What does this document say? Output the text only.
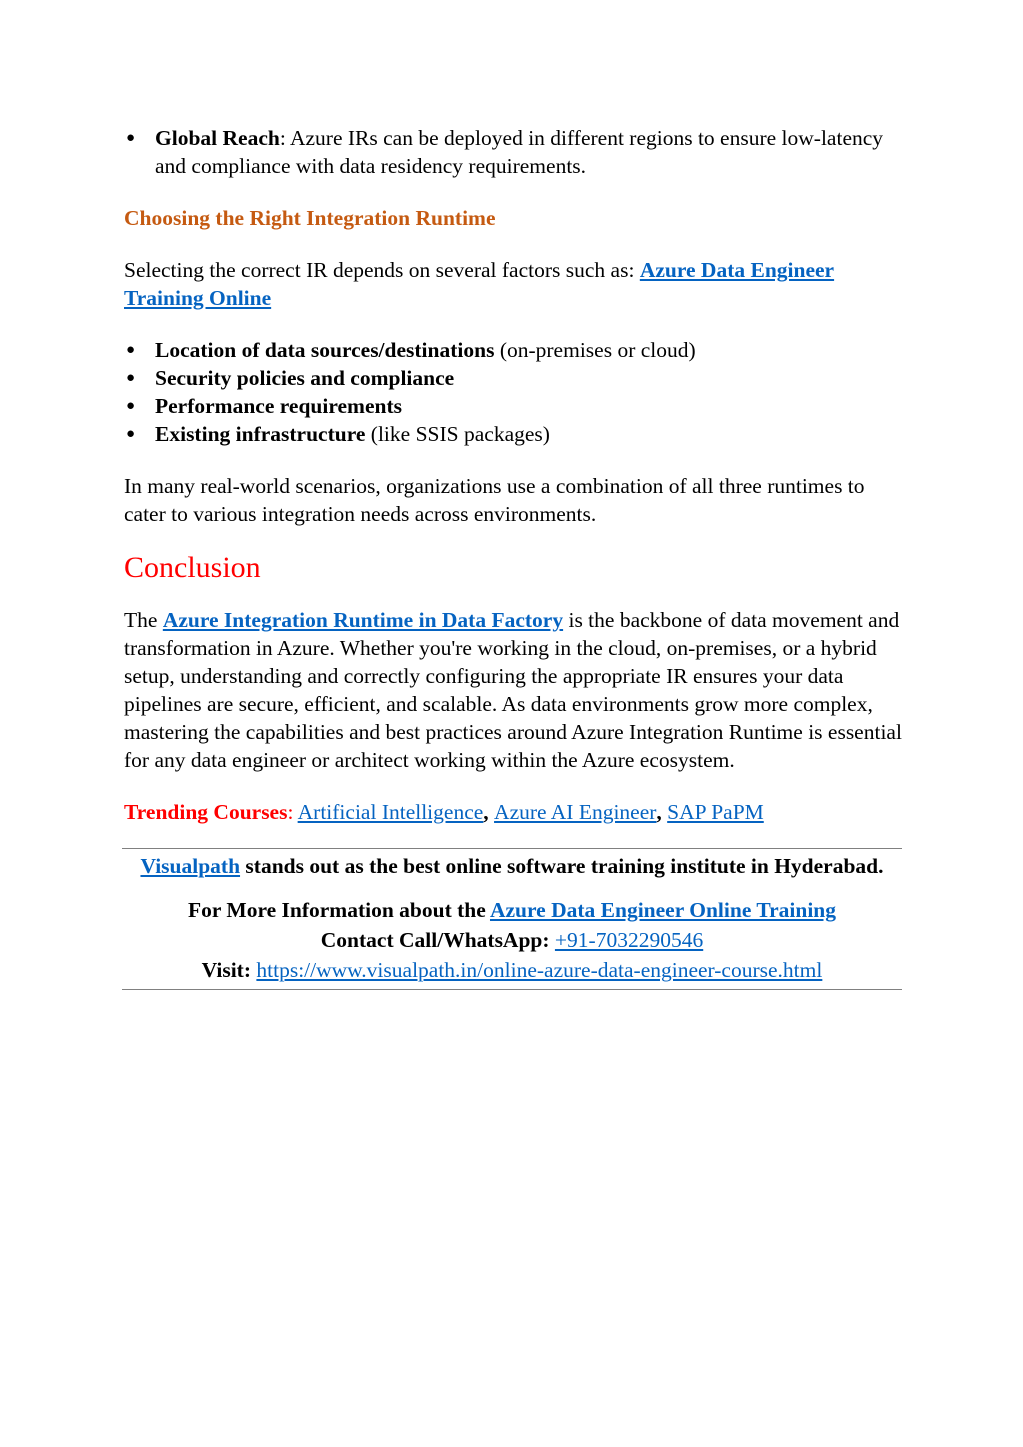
● Global Reach: Azure IRs can be deployed in different regions to ensure low-latency and compliance with data residency requirements.
Choosing the Right Integration Runtime

Selecting the correct IR depends on several factors such as: Azure Data Engineer Training Online

● Location of data sources/destinations (on-premises or cloud)
● Security policies and compliance
● Performance requirements
● Existing infrastructure (like SSIS packages)

In many real-world scenarios, organizations use a combination of all three runtimes to cater to various integration needs across environments.

Conclusion

The Azure Integration Runtime in Data Factory is the backbone of data movement and transformation in Azure. Whether you're working in the cloud, on-premises, or a hybrid setup, understanding and correctly configuring the appropriate IR ensures your data pipelines are secure, efficient, and scalable. As data environments grow more complex, mastering the capabilities and best practices around Azure Integration Runtime is essential for any data engineer or architect working within the Azure ecosystem.

Trending Courses: Artificial Intelligence, Azure AI Engineer, SAP PaPM

Visualpath stands out as the best online software training institute in Hyderabad.

For More Information about the Azure Data Engineer Online Training

Contact Call/WhatsApp: +91-7032290546

Visit: https://www.visualpath.in/online-azure-data-engineer-course.html
